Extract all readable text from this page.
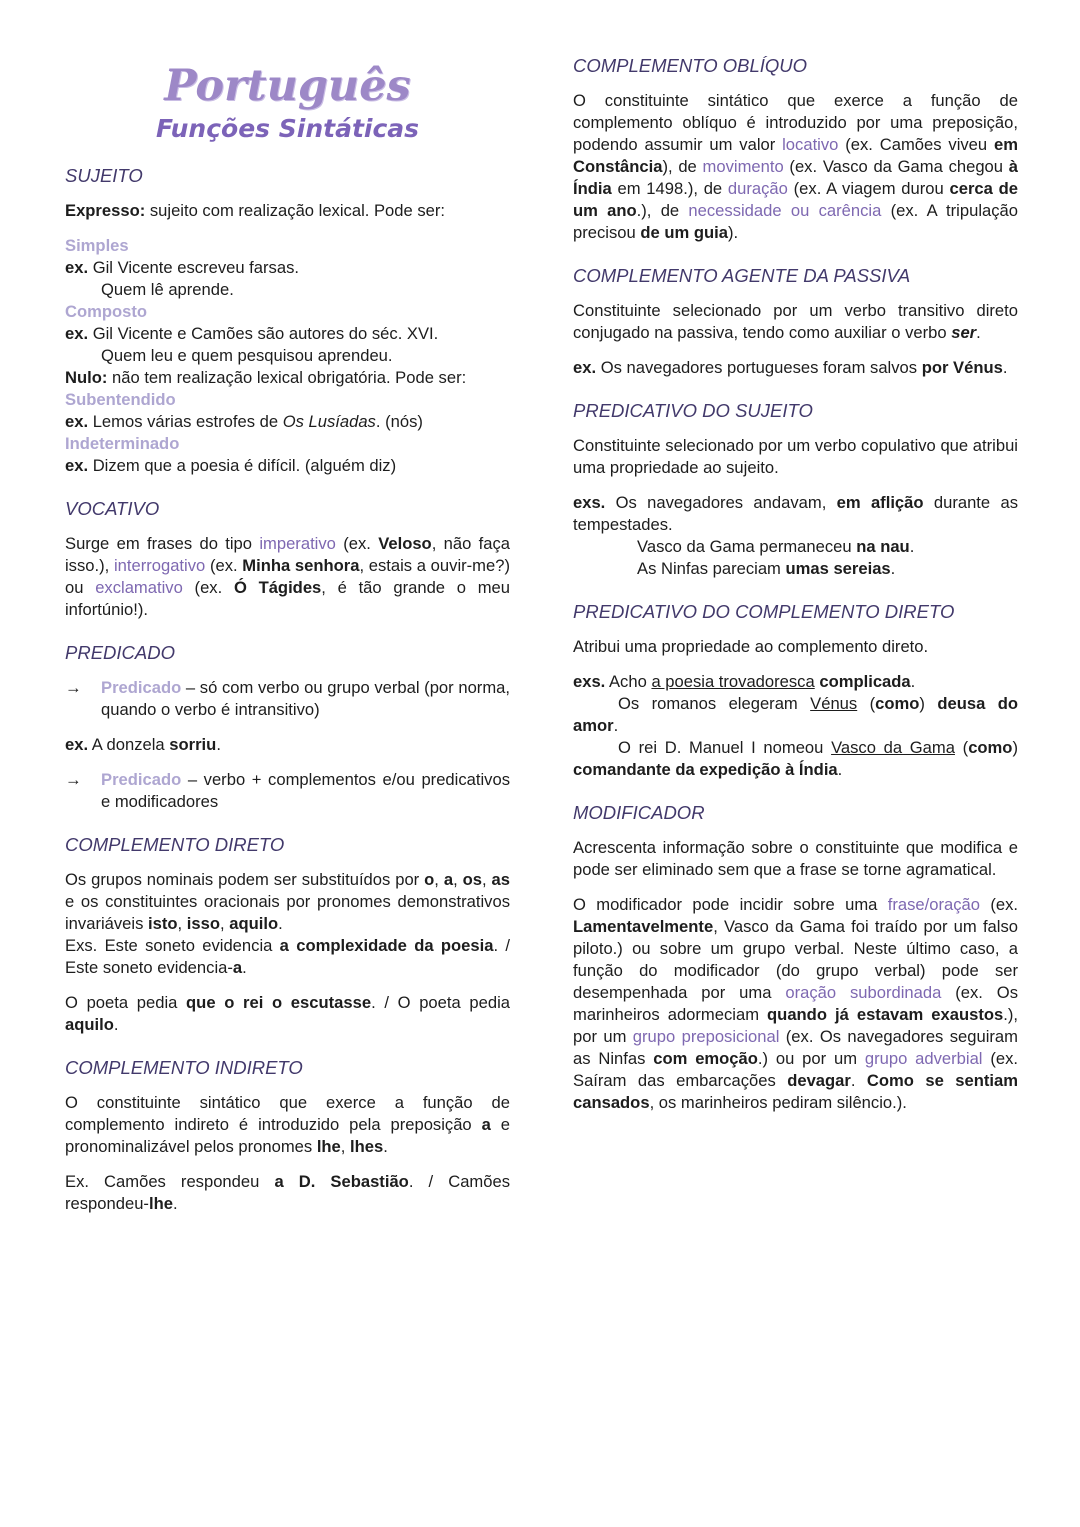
Português
Funções Sintáticas
SUJEITO

Expresso: sujeito com realização lexical. Pode ser:

Simples

ex. Gil Vicente escreveu farsas.

Quem lê aprende.

Composto

ex. Gil Vicente e Camões são autores do séc. XVI.

Quem leu e quem pesquisou aprendeu.

Nulo: não tem realização lexical obrigatória. Pode ser:

Subentendido

ex. Lemos várias estrofes de Os Lusíadas. (nós)

Indeterminado

ex. Dizem que a poesia é difícil. (alguém diz)

VOCATIVO

Surge em frases do tipo imperativo (ex. Veloso, não faça isso.), interrogativo (ex. Minha senhora, estais a ouvir-me?) ou exclamativo (ex. Ó Tágides, é tão grande o meu infortúnio!).

PREDICADO
→	Predicado – só com verbo ou grupo verbal (por norma, quando o verbo é intransitivo)

ex. A donzela sorriu.

→	Predicado – verbo + complementos e/ou predicativos e modificadores
COMPLEMENTO DIRETO

Os grupos nominais podem ser substituídos por o, a, os, as e os constituintes oracionais por pronomes demonstrativos invariáveis isto, isso, aquilo.

Exs. Este soneto evidencia a complexidade da poesia. / Este soneto evidencia-a.

O poeta pedia que o rei o escutasse. / O poeta pedia aquilo.

COMPLEMENTO INDIRETO

O constituinte sintático que exerce a função de complemento indireto é introduzido pela preposição a e pronominalizável pelos pronomes lhe, lhes.

Ex. Camões respondeu a D. Sebastião. / Camões respondeu-lhe.

COMPLEMENTO OBLÍQUO

O constituinte sintático que exerce a função de complemento oblíquo é introduzido por uma preposição, podendo assumir um valor locativo (ex. Camões viveu em Constância), de movimento (ex. Vasco da Gama chegou à Índia em 1498.), de duração (ex. A viagem durou cerca de um ano.), de necessidade ou carência (ex. A tripulação precisou de um guia).

COMPLEMENTO AGENTE DA PASSIVA

Constituinte selecionado por um verbo transitivo direto conjugado na passiva, tendo como auxiliar o verbo ser.

ex. Os navegadores portugueses foram salvos por Vénus.

PREDICATIVO DO SUJEITO

Constituinte selecionado por um verbo copulativo que atribui uma propriedade ao sujeito.

exs. Os navegadores andavam, em aflição durante as tempestades.

Vasco da Gama permaneceu na nau.

As Ninfas pareciam umas sereias.

PREDICATIVO DO COMPLEMENTO DIRETO

Atribui uma propriedade ao complemento direto.

exs. Acho a poesia trovadoresca complicada.

Os romanos elegeram Vénus (como) deusa do amor.

O rei D. Manuel I nomeou Vasco da Gama (como) comandante da expedição à Índia.

MODIFICADOR

Acrescenta informação sobre o constituinte que modifica e pode ser eliminado sem que a frase se torne agramatical.

O modificador pode incidir sobre uma frase/oração (ex. Lamentavelmente, Vasco da Gama foi traído por um falso piloto.) ou sobre um grupo verbal. Neste último caso, a função do modificador (do grupo verbal) pode ser desempenhada por uma oração subordinada (ex. Os marinheiros adormeciam quando já estavam exaustos.), por um grupo preposicional (ex. Os navegadores seguiram as Ninfas com emoção.) ou por um grupo adverbial (ex. Saíram das embarcações devagar. Como se sentiam cansados, os marinheiros pediram silêncio.).
